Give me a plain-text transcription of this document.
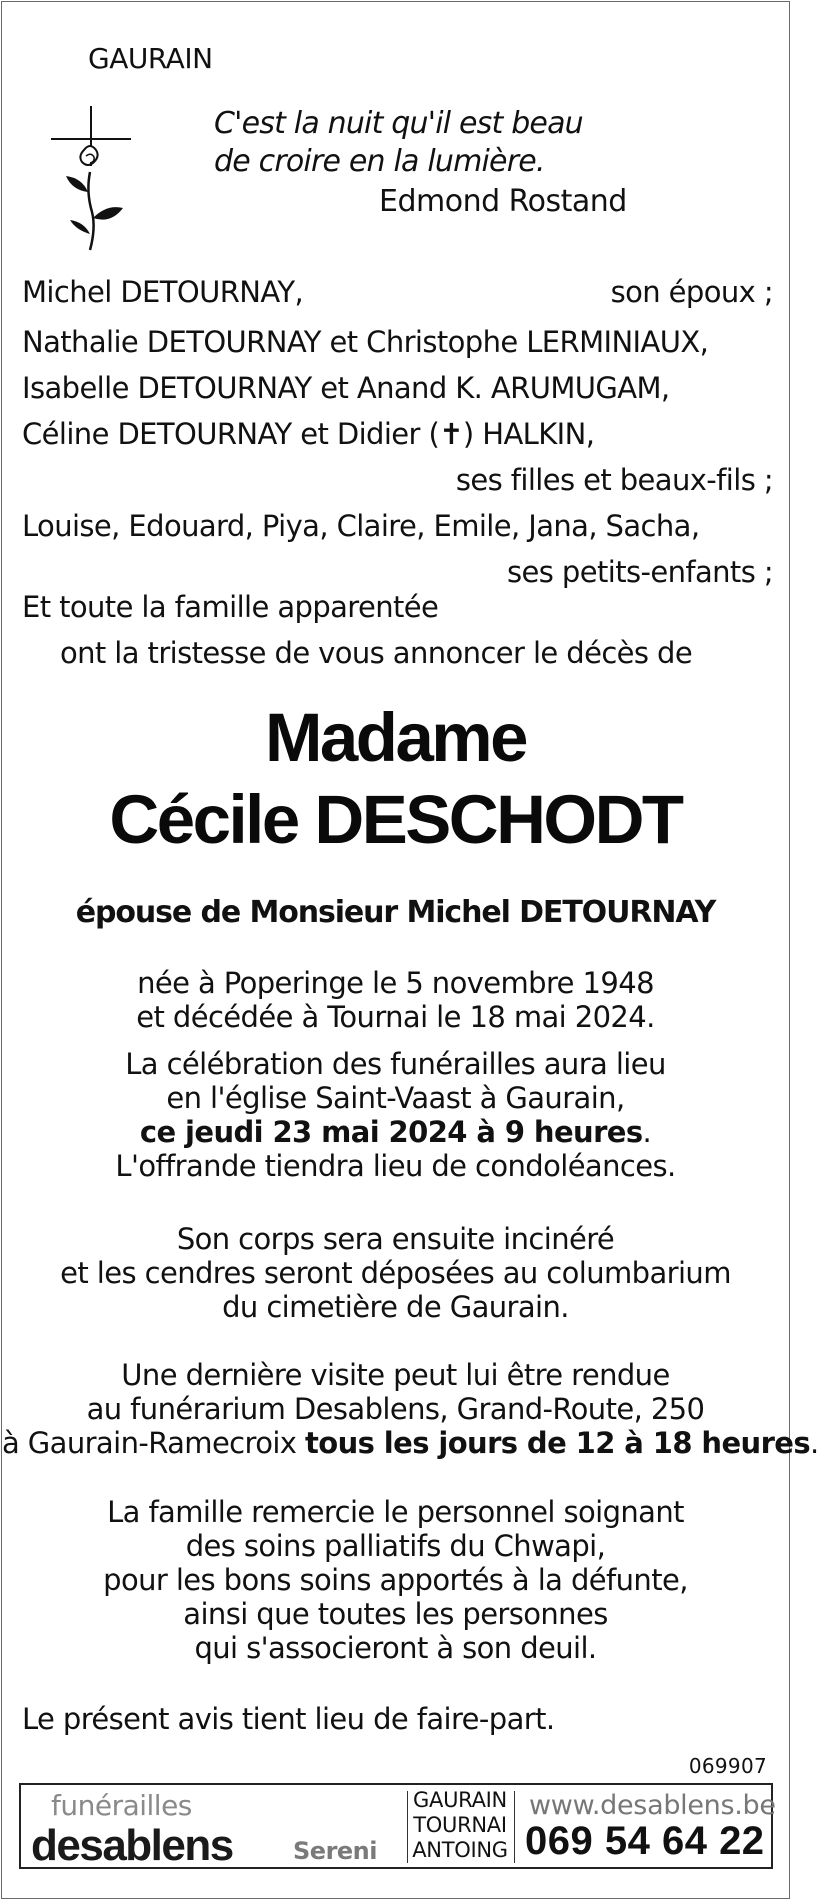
GAURAIN
C'est la nuit qu'il est beau
de croire en la lumière.
Edmond Rostand
Michel DETOURNAY,	son époux ;
Nathalie DETOURNAY et Christophe LERMINIAUX,
Isabelle DETOURNAY et Anand K. ARUMUGAM,
Céline DETOURNAY et Didier (✝) HALKIN,
ses filles et beaux-fils ;
Louise, Edouard, Piya, Claire, Emile, Jana, Sacha,
ses petits-enfants ;
Et toute la famille apparentée
ont la tristesse de vous annoncer le décès de
Madame
Cécile DESCHODT
épouse de Monsieur Michel DETOURNAY
née à Poperinge le 5 novembre 1948
et décédée à Tournai le 18 mai 2024.
La célébration des funérailles aura lieu
en l'église Saint-Vaast à Gaurain,
ce jeudi 23 mai 2024 à 9 heures.
L'offrande tiendra lieu de condoléances.
Son corps sera ensuite incinéré
et les cendres seront déposées au columbarium
du cimetière de Gaurain.
Une dernière visite peut lui être rendue
au funérarium Desablens, Grand-Route, 250
à Gaurain-Ramecroix tous les jours de 12 à 18 heures.
La famille remercie le personnel soignant
des soins palliatifs du Chwapi,
pour les bons soins apportés à la défunte,
ainsi que toutes les personnes
qui s'associeront à son deuil.
Le présent avis tient lieu de faire-part.
069907
funérailles
desablens	Sereni
GAURAIN
TOURNAI
ANTOING
www.desablens.be
069 54 64 22
